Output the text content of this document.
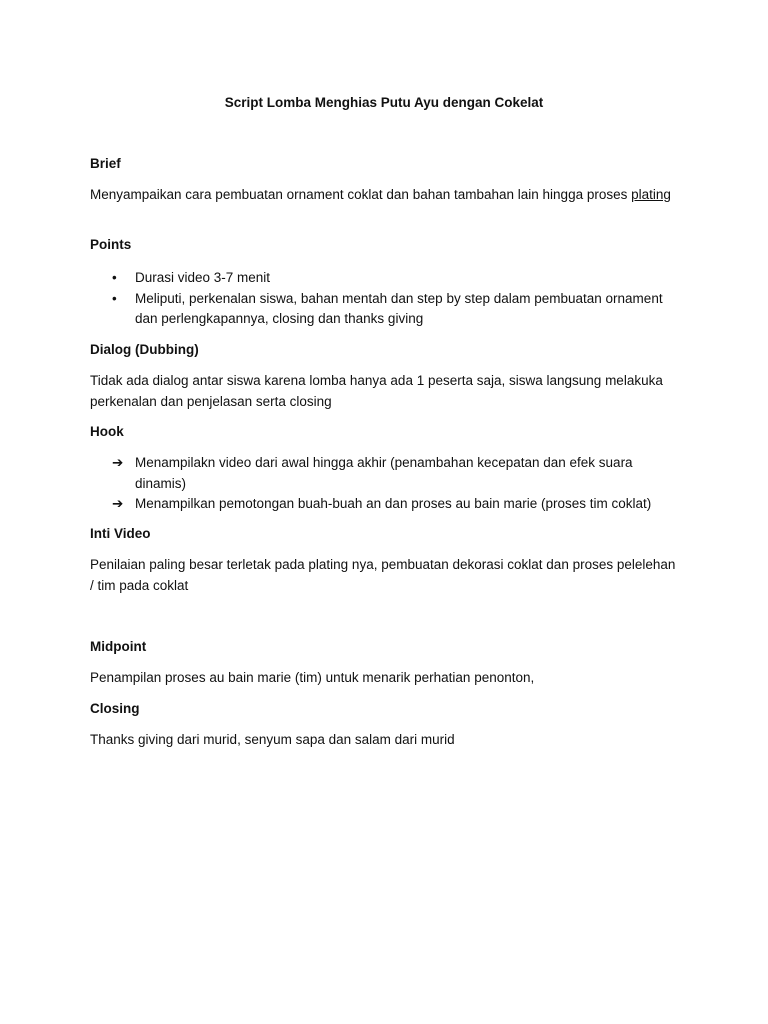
Script Lomba Menghias Putu Ayu dengan Cokelat
Brief

Menyampaikan cara pembuatan ornament coklat dan bahan tambahan lain hingga proses plating

Points
• Durasi video 3-7 menit
• Meliputi, perkenalan siswa, bahan mentah dan step by step dalam pembuatan ornament dan perlengkapannya, closing dan thanks giving
Dialog (Dubbing)

Tidak ada dialog antar siswa karena lomba hanya ada 1 peserta saja, siswa langsung melakuka perkenalan dan penjelasan serta closing

Hook
➔ Menampilakn video dari awal hingga akhir (penambahan kecepatan dan efek suara dinamis)
➔ Menampilkan pemotongan buah-buah an dan proses au bain marie (proses tim coklat)
Inti Video

Penilaian paling besar terletak pada plating nya, pembuatan dekorasi coklat dan proses pelelehan / tim pada coklat

Midpoint

Penampilan proses au bain marie (tim) untuk menarik perhatian penonton,

Closing

Thanks giving dari murid, senyum sapa dan salam dari murid
